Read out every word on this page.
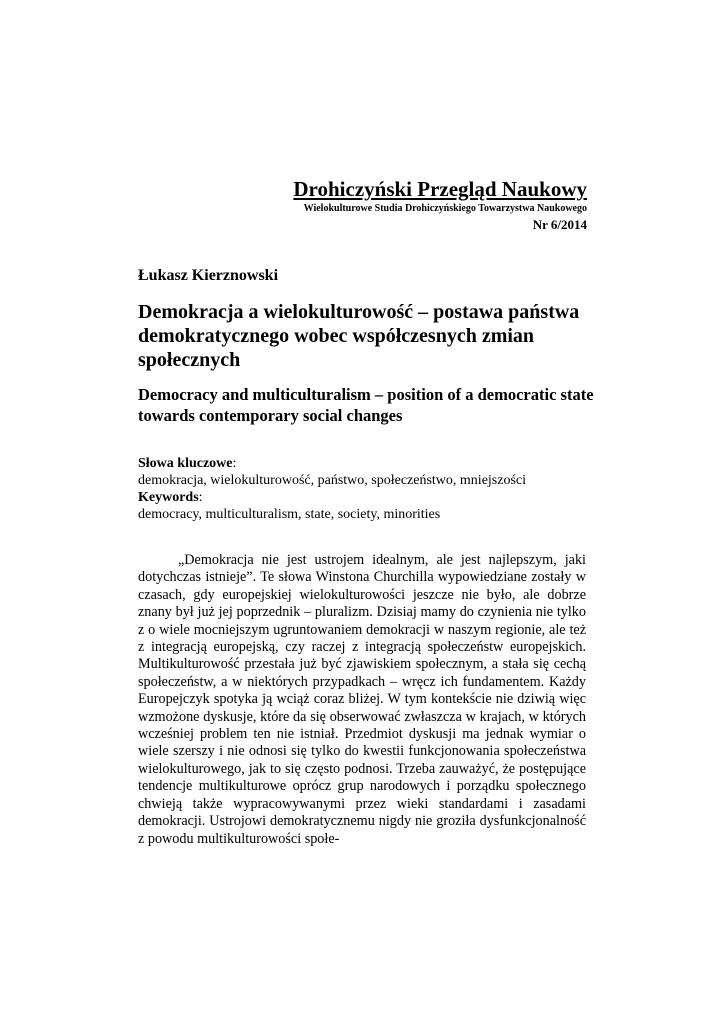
Drohiczyński Przegląd Naukowy
Wielokulturowe Studia Drohiczyńskiego Towarzystwa Naukowego
Nr 6/2014
Łukasz Kierznowski
Demokracja a wielokulturowość – postawa państwa demokratycznego wobec współczesnych zmian społecznych
Democracy and multiculturalism – position of a democratic state towards contemporary social changes
Słowa kluczowe:
demokracja, wielokulturowość, państwo, społeczeństwo, mniejszości
Keywords:
democracy, multiculturalism, state, society, minorities

„Demokracja nie jest ustrojem idealnym, ale jest najlepszym, jaki dotychczas istnieje”. Te słowa Winstona Churchilla wypowiedziane zostały w czasach, gdy europejskiej wielokulturowości jeszcze nie było, ale dobrze znany był już jej poprzednik – pluralizm. Dzisiaj mamy do czynienia nie tylko z o wiele mocniejszym ugruntowaniem demokracji w naszym regionie, ale też z integracją europejską, czy raczej z integracją społeczeństw europejskich. Multikulturowość przestała już być zjawiskiem społecznym, a stała się cechą społeczeństw, a w niektórych przypadkach – wręcz ich fundamentem. Każdy Europejczyk spotyka ją wciąż coraz bliżej. W tym kontekście nie dziwią więc wzmożone dyskusje, które da się obserwować zwłaszcza w krajach, w których wcześniej problem ten nie istniał. Przedmiot dyskusji ma jednak wymiar o wiele szerszy i nie odnosi się tylko do kwestii funkcjonowania społeczeństwa wielokulturowego, jak to się często podnosi. Trzeba zauważyć, że postępujące tendencje multikulturowe oprócz grup narodowych i porządku społecznego chwieją także wypracowywanymi przez wieki standardami i zasadami demokracji. Ustrojowi demokratycznemu nigdy nie groziła dysfunkcjonalność z powodu multikulturowości społe-
